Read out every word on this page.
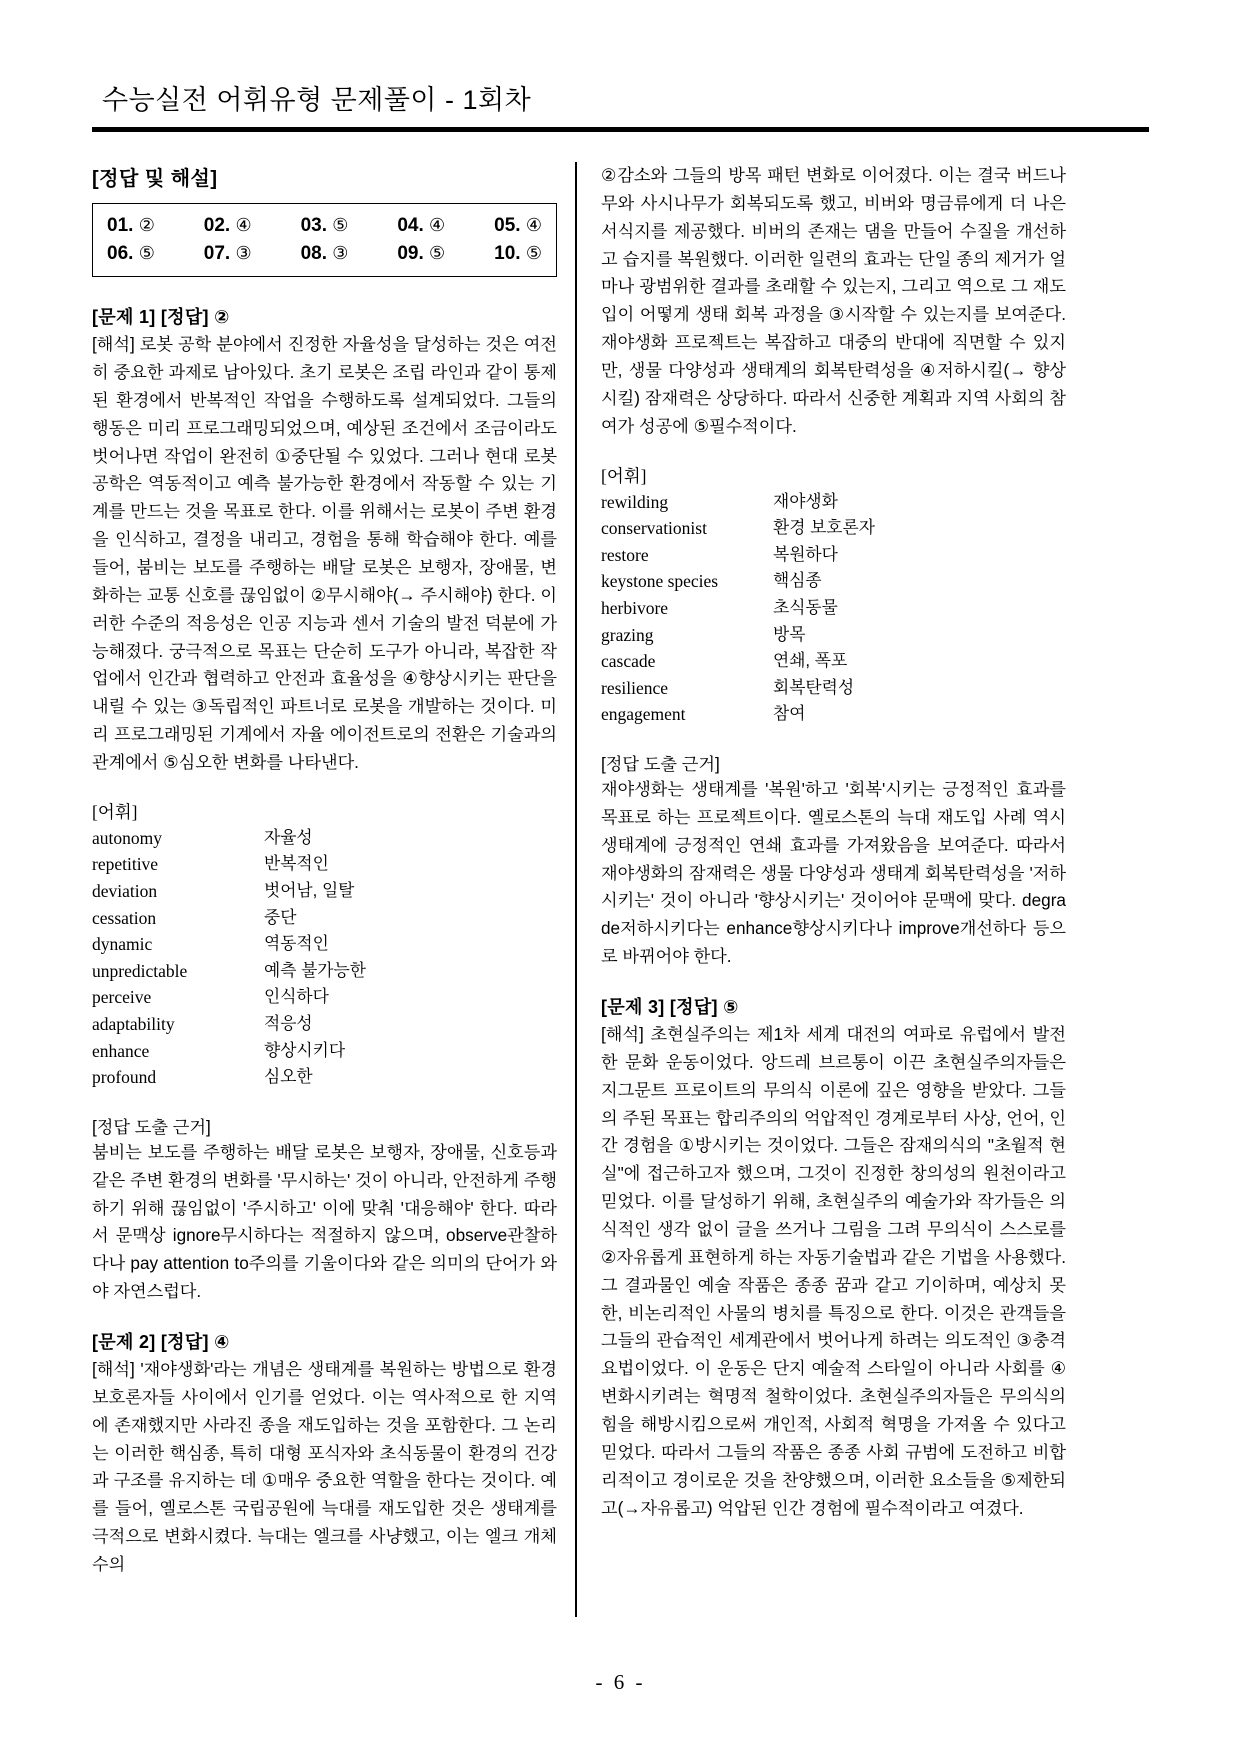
수능실전 어휘유형 문제풀이 - 1회차
[정답 및 해설]
01. ②	02. ④	03. ⑤	04. ④	05. ④
06. ⑤	07. ③	08. ③	09. ⑤	10. ⑤
[문제 1] [정답] ②

[해석] 로봇 공학 분야에서 진정한 자율성을 달성하는 것은 여전히 중요한 과제로 남아있다. 초기 로봇은 조립 라인과 같이 통제된 환경에서 반복적인 작업을 수행하도록 설계되었다. 그들의 행동은 미리 프로그래밍되었으며, 예상된 조건에서 조금이라도 벗어나면 작업이 완전히 ①중단될 수 있었다. 그러나 현대 로봇 공학은 역동적이고 예측 불가능한 환경에서 작동할 수 있는 기계를 만드는 것을 목표로 한다. 이를 위해서는 로봇이 주변 환경을 인식하고, 결정을 내리고, 경험을 통해 학습해야 한다. 예를 들어, 붐비는 보도를 주행하는 배달 로봇은 보행자, 장애물, 변화하는 교통 신호를 끊임없이 ②무시해야(→ 주시해야) 한다. 이러한 수준의 적응성은 인공 지능과 센서 기술의 발전 덕분에 가능해졌다. 궁극적으로 목표는 단순히 도구가 아니라, 복잡한 작업에서 인간과 협력하고 안전과 효율성을 ④향상시키는 판단을 내릴 수 있는 ③독립적인 파트너로 로봇을 개발하는 것이다. 미리 프로그래밍된 기계에서 자율 에이전트로의 전환은 기술과의 관계에서 ⑤심오한 변화를 나타낸다.

[어휘]

autonomy	자율성
repetitive	반복적인
deviation	벗어남, 일탈
cessation	중단
dynamic	역동적인
unpredictable	예측 불가능한
perceive	인식하다
adaptability	적응성
enhance	향상시키다
profound	심오한

[정답 도출 근거]

붐비는 보도를 주행하는 배달 로봇은 보행자, 장애물, 신호등과 같은 주변 환경의 변화를 '무시하는' 것이 아니라, 안전하게 주행하기 위해 끊임없이 '주시하고' 이에 맞춰 '대응해야' 한다. 따라서 문맥상 ignore무시하다는 적절하지 않으며, observe관찰하다나 pay attention to주의를 기울이다와 같은 의미의 단어가 와야 자연스럽다.

[문제 2] [정답] ④

[해석] '재야생화'라는 개념은 생태계를 복원하는 방법으로 환경 보호론자들 사이에서 인기를 얻었다. 이는 역사적으로 한 지역에 존재했지만 사라진 종을 재도입하는 것을 포함한다. 그 논리는 이러한 핵심종, 특히 대형 포식자와 초식동물이 환경의 건강과 구조를 유지하는 데 ①매우 중요한 역할을 한다는 것이다. 예를 들어, 옐로스톤 국립공원에 늑대를 재도입한 것은 생태계를 극적으로 변화시켰다. 늑대는 엘크를 사냥했고, 이는 엘크 개체 수의

②감소와 그들의 방목 패턴 변화로 이어졌다. 이는 결국 버드나무와 사시나무가 회복되도록 했고, 비버와 명금류에게 더 나은 서식지를 제공했다. 비버의 존재는 댐을 만들어 수질을 개선하고 습지를 복원했다. 이러한 일련의 효과는 단일 종의 제거가 얼마나 광범위한 결과를 초래할 수 있는지, 그리고 역으로 그 재도입이 어떻게 생태 회복 과정을 ③시작할 수 있는지를 보여준다. 재야생화 프로젝트는 복잡하고 대중의 반대에 직면할 수 있지만, 생물 다양성과 생태계의 회복탄력성을 ④저하시킬(→ 향상시킬) 잠재력은 상당하다. 따라서 신중한 계획과 지역 사회의 참여가 성공에 ⑤필수적이다.

[어휘]

rewilding	재야생화
conservationist	환경 보호론자
restore	복원하다
keystone species	핵심종
herbivore	초식동물
grazing	방목
cascade	연쇄, 폭포
resilience	회복탄력성
engagement	참여

[정답 도출 근거]

재야생화는 생태계를 '복원'하고 '회복'시키는 긍정적인 효과를 목표로 하는 프로젝트이다. 옐로스톤의 늑대 재도입 사례 역시 생태계에 긍정적인 연쇄 효과를 가져왔음을 보여준다. 따라서 재야생화의 잠재력은 생물 다양성과 생태계 회복탄력성을 '저하시키는' 것이 아니라 '향상시키는' 것이어야 문맥에 맞다. degrade저하시키다는 enhance향상시키다나 improve개선하다 등으로 바뀌어야 한다.

[문제 3] [정답] ⑤

[해석] 초현실주의는 제1차 세계 대전의 여파로 유럽에서 발전한 문화 운동이었다. 앙드레 브르통이 이끈 초현실주의자들은 지그문트 프로이트의 무의식 이론에 깊은 영향을 받았다. 그들의 주된 목표는 합리주의의 억압적인 경계로부터 사상, 언어, 인간 경험을 ①방시키는 것이었다. 그들은 잠재의식의 "초월적 현실"에 접근하고자 했으며, 그것이 진정한 창의성의 원천이라고 믿었다. 이를 달성하기 위해, 초현실주의 예술가와 작가들은 의식적인 생각 없이 글을 쓰거나 그림을 그려 무의식이 스스로를 ②자유롭게 표현하게 하는 자동기술법과 같은 기법을 사용했다. 그 결과물인 예술 작품은 종종 꿈과 같고 기이하며, 예상치 못한, 비논리적인 사물의 병치를 특징으로 한다. 이것은 관객들을 그들의 관습적인 세계관에서 벗어나게 하려는 의도적인 ③충격 요법이었다. 이 운동은 단지 예술적 스타일이 아니라 사회를 ④변화시키려는 혁명적 철학이었다. 초현실주의자들은 무의식의 힘을 해방시킴으로써 개인적, 사회적 혁명을 가져올 수 있다고 믿었다. 따라서 그들의 작품은 종종 사회 규범에 도전하고 비합리적이고 경이로운 것을 찬양했으며, 이러한 요소들을 ⑤제한되고(→자유롭고) 억압된 인간 경험에 필수적이라고 여겼다.

- 6 -
